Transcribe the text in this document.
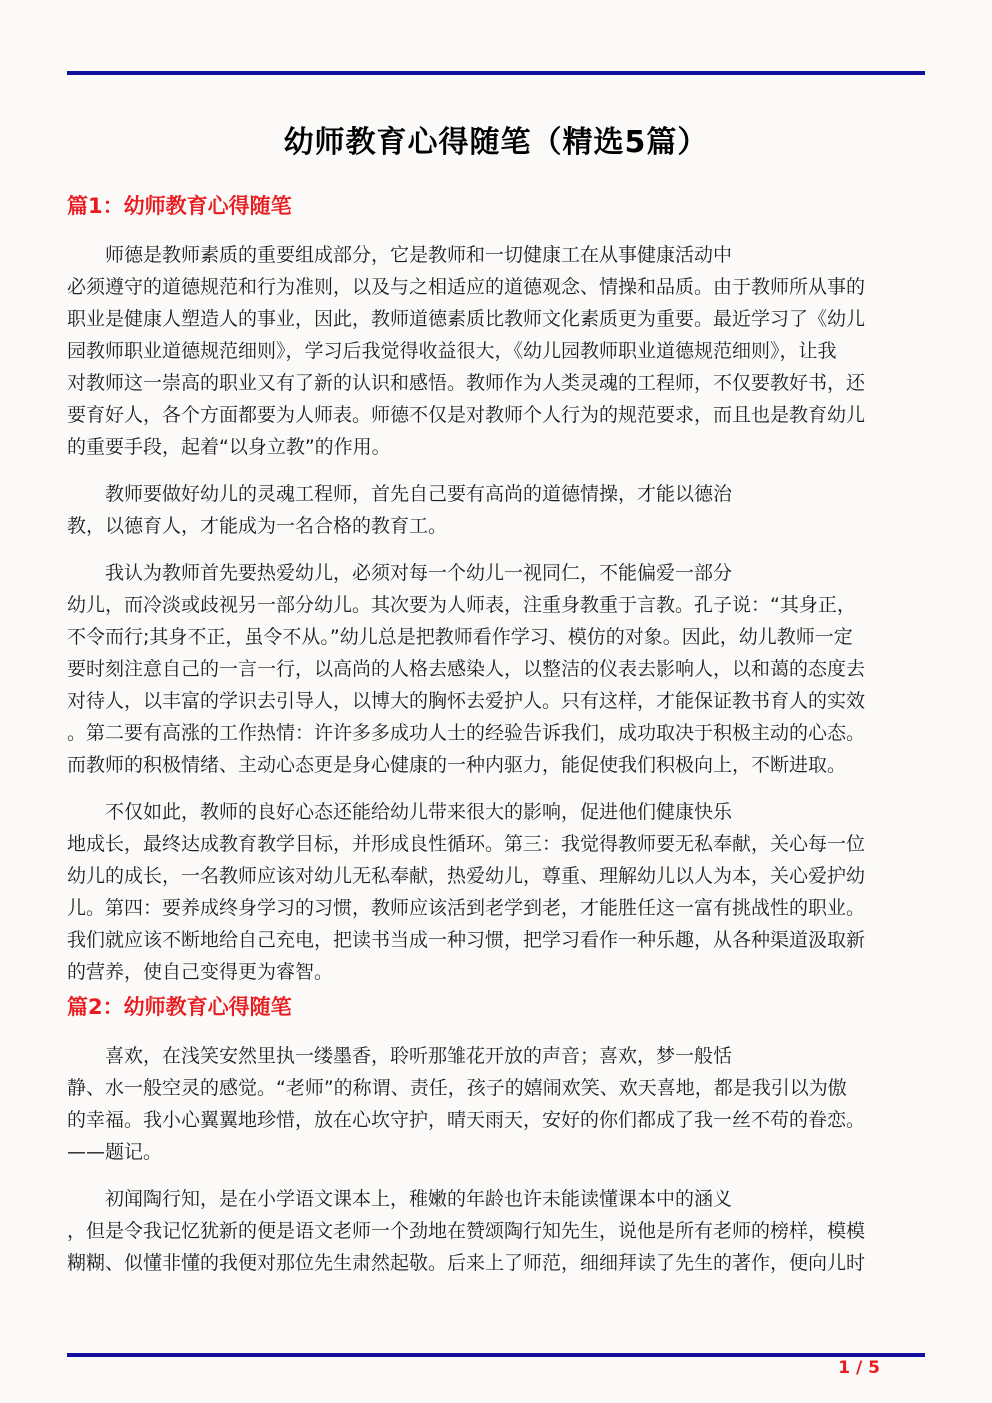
幼师教育心得随笔（精选5篇）
篇1：幼师教育心得随笔
师德是教师素质的重要组成部分，它是教师和一切健康工在从事健康活动中
必须遵守的道德规范和行为准则，以及与之相适应的道德观念、情操和品质。由于教师所从事的
职业是健康人塑造人的事业，因此，教师道德素质比教师文化素质更为重要。最近学习了《幼儿
园教师职业道德规范细则》，学习后我觉得收益很大，《幼儿园教师职业道德规范细则》，让我
对教师这一崇高的职业又有了新的认识和感悟。教师作为人类灵魂的工程师，不仅要教好书，还
要育好人，各个方面都要为人师表。师德不仅是对教师个人行为的规范要求，而且也是教育幼儿
的重要手段，起着“以身立教”的作用。
教师要做好幼儿的灵魂工程师，首先自己要有高尚的道德情操，才能以德治
教，以德育人，才能成为一名合格的教育工。
我认为教师首先要热爱幼儿，必须对每一个幼儿一视同仁，不能偏爱一部分
幼儿，而冷淡或歧视另一部分幼儿。其次要为人师表，注重身教重于言教。孔子说：“其身正，
不令而行;其身不正，虽令不从。”幼儿总是把教师看作学习、模仿的对象。因此，幼儿教师一定
要时刻注意自己的一言一行，以高尚的人格去感染人，以整洁的仪表去影响人，以和蔼的态度去
对待人，以丰富的学识去引导人，以博大的胸怀去爱护人。只有这样，才能保证教书育人的实效
。第二要有高涨的工作热情：许许多多成功人士的经验告诉我们，成功取决于积极主动的心态。
而教师的积极情绪、主动心态更是身心健康的一种内驱力，能促使我们积极向上，不断进取。
不仅如此，教师的良好心态还能给幼儿带来很大的影响，促进他们健康快乐
地成长，最终达成教育教学目标，并形成良性循环。第三：我觉得教师要无私奉献，关心每一位
幼儿的成长，一名教师应该对幼儿无私奉献，热爱幼儿，尊重、理解幼儿以人为本，关心爱护幼
儿。第四：要养成终身学习的习惯，教师应该活到老学到老，才能胜任这一富有挑战性的职业。
我们就应该不断地给自己充电，把读书当成一种习惯，把学习看作一种乐趣，从各种渠道汲取新
的营养，使自己变得更为睿智。
篇2：幼师教育心得随笔
喜欢，在浅笑安然里执一缕墨香，聆听那雏花开放的声音；喜欢，梦一般恬
静、水一般空灵的感觉。“老师”的称谓、责任，孩子的嬉闹欢笑、欢天喜地，都是我引以为傲
的幸福。我小心翼翼地珍惜，放在心坎守护，晴天雨天，安好的你们都成了我一丝不苟的眷恋。
——题记。
初闻陶行知，是在小学语文课本上，稚嫩的年龄也许未能读懂课本中的涵义
，但是令我记忆犹新的便是语文老师一个劲地在赞颂陶行知先生，说他是所有老师的榜样，模模
糊糊、似懂非懂的我便对那位先生肃然起敬。后来上了师范，细细拜读了先生的著作，便向儿时
1 / 5
